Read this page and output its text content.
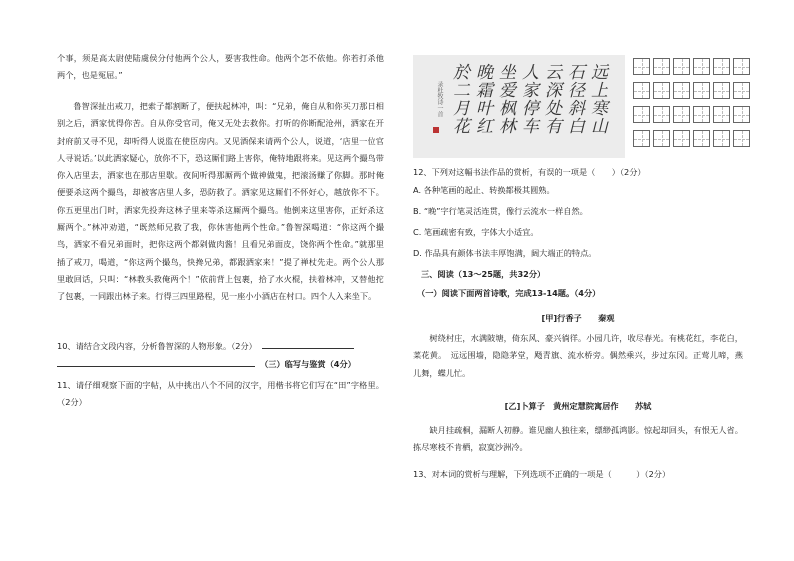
个事，须是高太尉使陆虞侯分付他两个公人，要害我性命。他两个怎不依他。你若打杀他两个，也是冤屈。”

鲁智深扯出戒刀，把索子都割断了，便扶起林冲，叫：“兄弟，俺自从和你买刀那日相别之后，洒家忧得你苦。自从你受官司，俺又无处去救你。打听的你断配沧州，洒家在开封府前又寻不见，却听得人说监在使臣房内。又见酒保来请两个公人，说道，‘店里一位官人寻说话。’以此洒家疑心，放你不下，恐这厮们路上害你，俺特地跟将来。见这两个撮鸟带你入店里去，洒家也在那店里歇。夜间听得那厮两个做神做鬼，把滚汤赚了你脚。那时俺便要杀这两个撮鸟，却被客店里人多，恐防救了。洒家见这厮们不怀好心，越放你不下。你五更里出门时，洒家先投奔这林子里来等杀这厮两个撮鸟。他倒来这里害你，正好杀这厮两个。”林冲劝道，“既然师兄救了我，你休害他两个性命。”鲁智深喝道：“你这两个撮鸟，洒家不看兄弟面时，把你这两个都剁做肉酱！且看兄弟面皮，饶你两个性命。”就那里插了戒刀，喝道，“你这两个撮鸟，快搀兄弟，都跟洒家来！”提了禅杖先走。两个公人那里敢回话，只叫：“林教头救俺两个！”依前背上包裹，拾了水火棍，扶着林冲，又替他拕了包裹，一同跟出林子来。行得三四里路程，见一座小小酒店在村口。四个人入来坐下。

10、请结合文段内容，分析鲁智深的人物形象。（2分）

（三）临写与鉴赏（4分）

11、请仔细观察下面的字帖，从中挑出八个不同的汉字，用楷书将它们写在“田”字格里。（2分）

远上寒山
石径斜白
云深处有
人家停车
坐爱枫林
晚霜叶红
於二月花
录杜牧诗一首

12、下列对这幅书法作品的赏析，有误的一项是（　　）（2分）

A. 各种笔画的起止、转换都极其圆熟。

B. “晚”字行笔灵活连贯，像行云流水一样自然。

C. 笔画疏密有致，字体大小适宜。

D. 作品具有颜体书法丰厚饱满，阔大端正的特点。

三、阅读（13～25题，共32分）

（一）阅读下面两首诗歌，完成13-14题。（4分）

[甲]行香子　　秦观

树绕村庄，水满陂塘，倚东风、豪兴徜徉。小园几许，收尽春光。有桃花红，李花白，菜花黄。　远远围墙，隐隐茅堂，飏青旗、流水桥旁。偶然乘兴，步过东冈。正莺儿啼，燕儿舞，蝶儿忙。

[乙]卜算子　黄州定慧院寓居作　　苏轼

缺月挂疏桐，漏断人初静。谁见幽人独往来，缥缈孤鸿影。惊起却回头，有恨无人省。拣尽寒枝不肯栖，寂寞沙洲冷。

13、对本词的赏析与理解，下列选项不正确的一项是（　　　）（2分）
